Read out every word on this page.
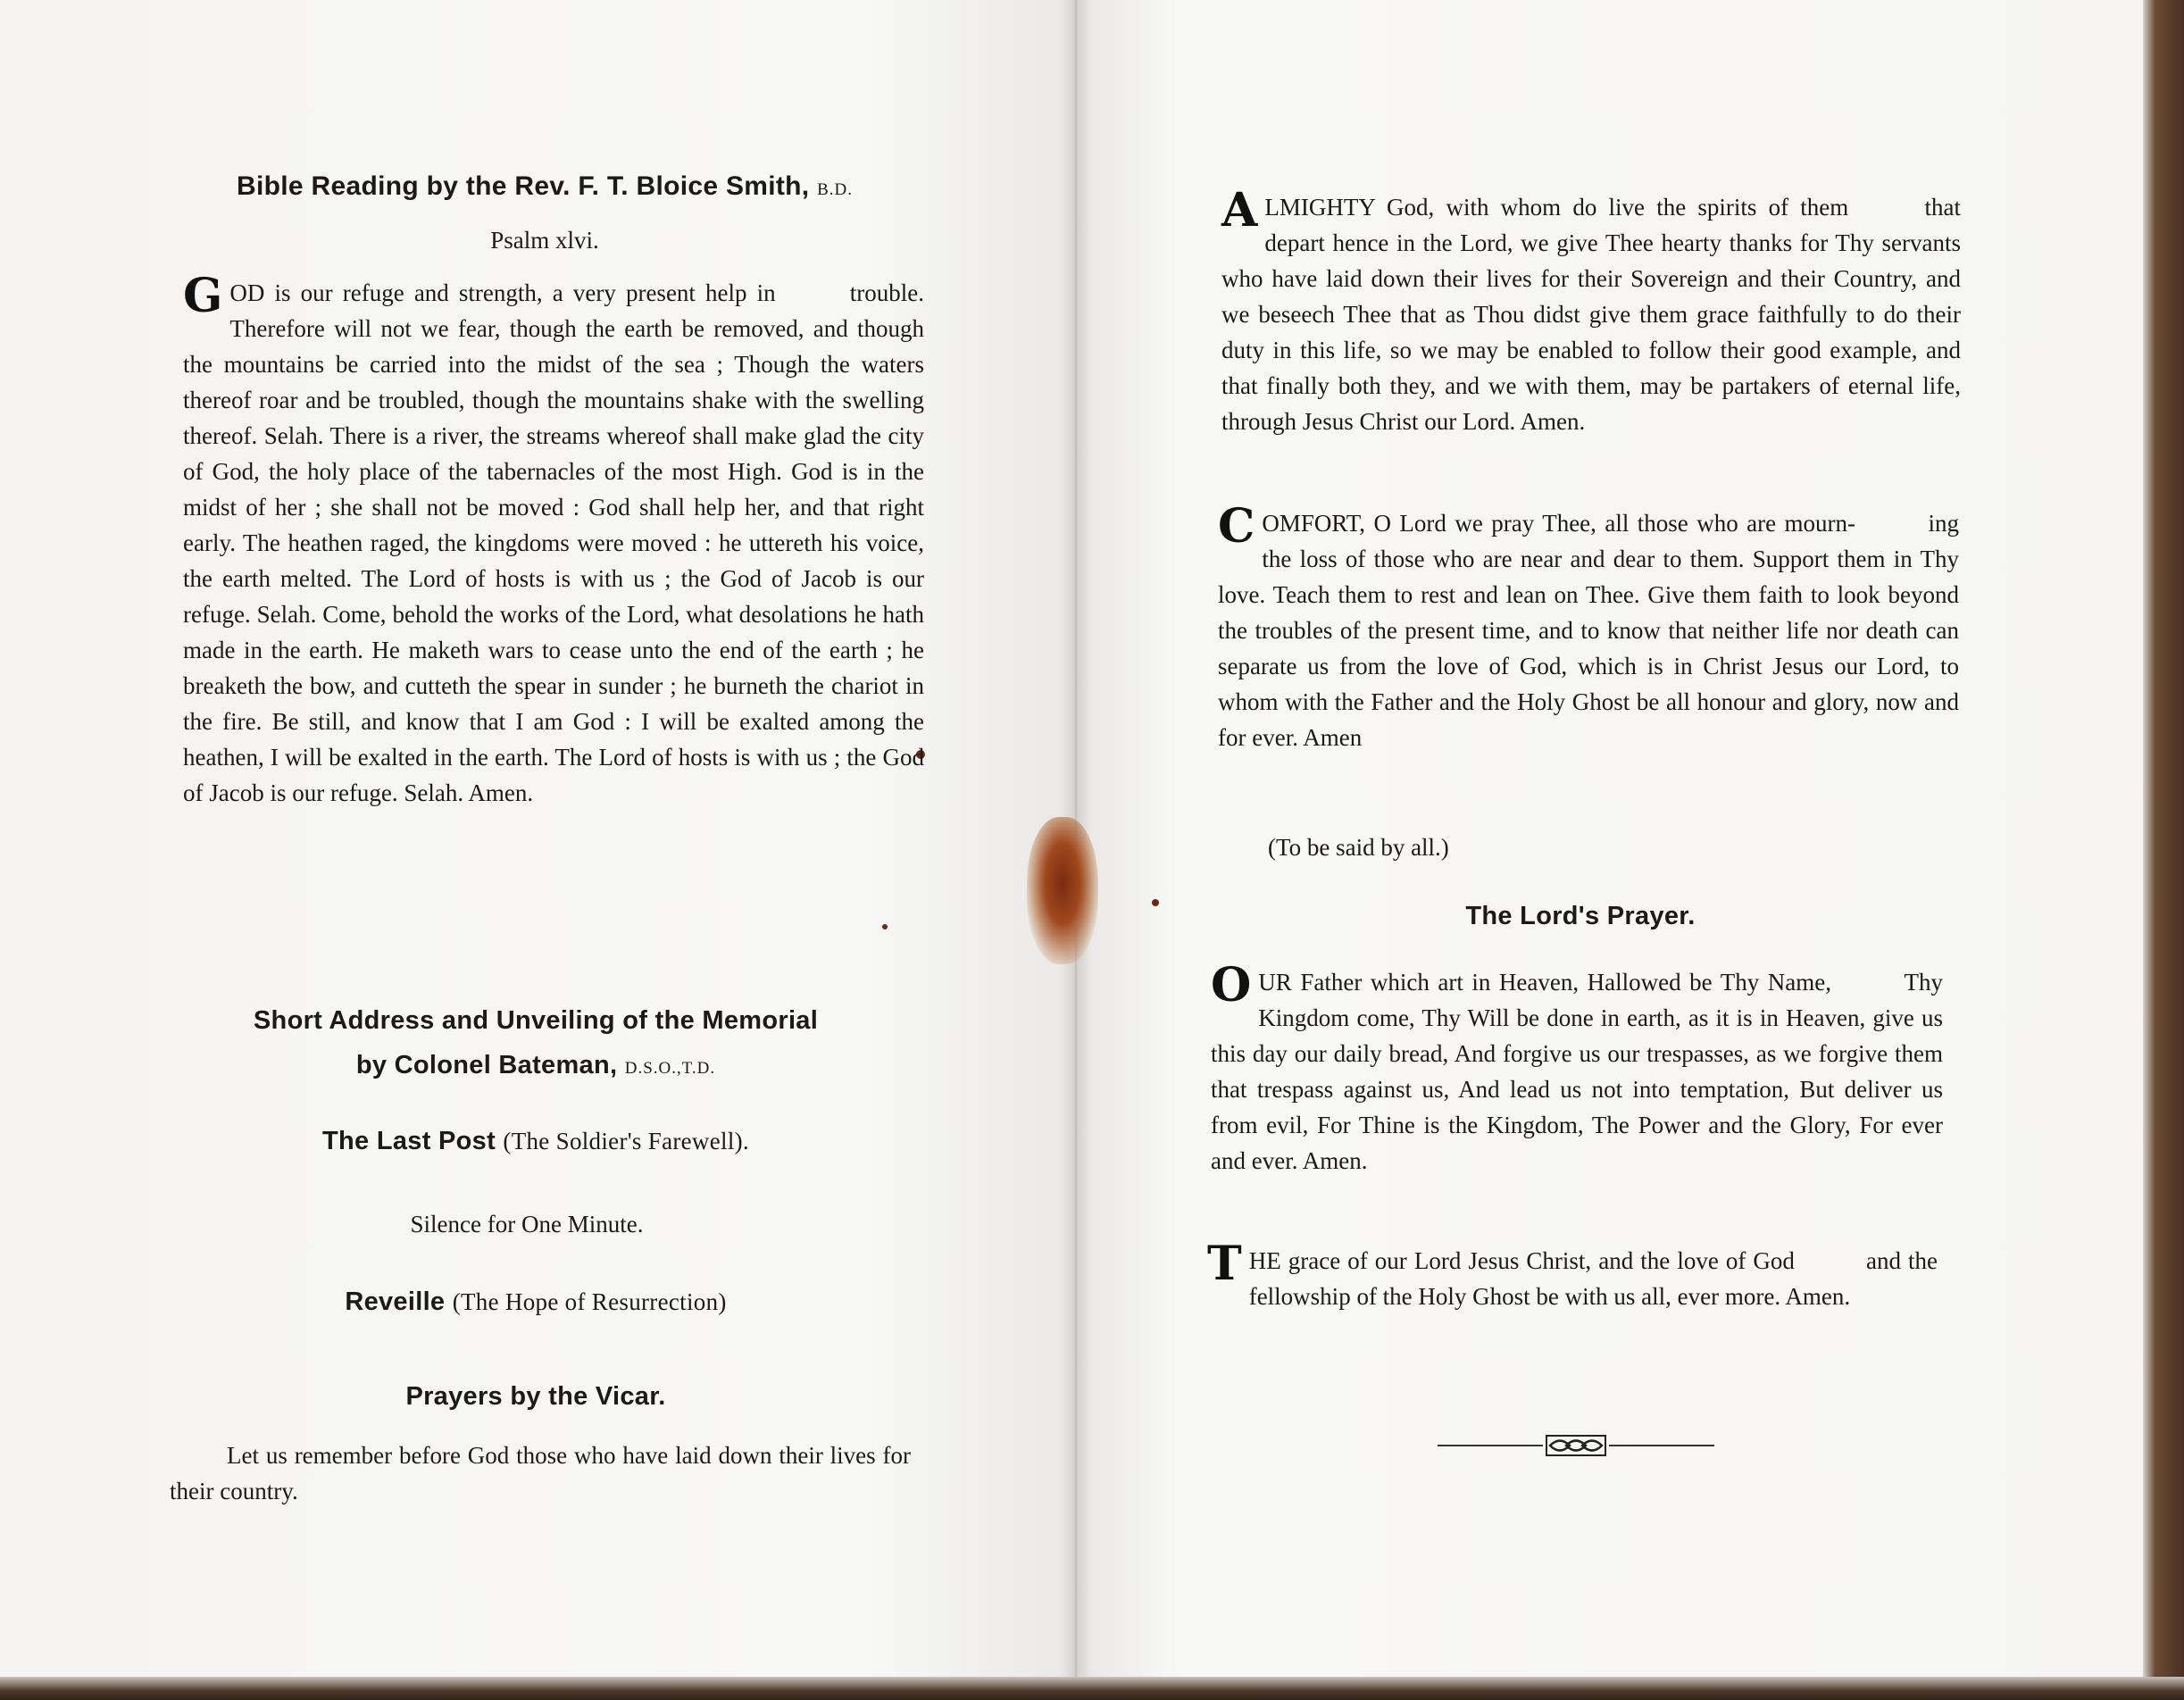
Bible Reading by the Rev. F. T. Bloice Smith, B.D.
Psalm xlvi.
G OD is our refuge and strength, a very present help in	trouble. Therefore will not we fear, though the earth be removed, and though the mountains be carried into the midst of the sea ; Though the waters thereof roar and be troubled, though the mountains shake with the swelling thereof. Selah. There is a river, the streams whereof shall make glad the city of God, the holy place of the tabernacles of the most High. God is in the midst of her ; she shall not be moved : God shall help her, and that right early. The heathen raged, the kingdoms were moved : he uttereth his voice, the earth melted. The Lord of hosts is with us ; the God of Jacob is our refuge. Selah. Come, behold the works of the Lord, what desolations he hath made in the earth. He maketh wars to cease unto the end of the earth ; he breaketh the bow, and cutteth the spear in sunder ; he burneth the chariot in the fire. Be still, and know that I am God : I will be exalted among the heathen, I will be exalted in the earth. The Lord of hosts is with us ; the God of Jacob is our refuge. Selah. Amen.
Short Address and Unveiling of the Memorial
by Colonel Bateman, D.S.O.,T.D.
The Last Post (The Soldier's Farewell).
Silence for One Minute.
Reveille (The Hope of Resurrection)
Prayers by the Vicar.
Let us remember before God those who have laid down their lives for their country.
A LMIGHTY God, with whom do live the spirits of them	that depart hence in the Lord, we give Thee hearty thanks for Thy servants who have laid down their lives for their Sovereign and their Country, and we beseech Thee that as Thou didst give them grace faithfully to do their duty in this life, so we may be enabled to follow their good example, and that finally both they, and we with them, may be partakers of eternal life, through Jesus Christ our Lord. Amen.
C OMFORT, O Lord we pray Thee, all those who are mourn-	ing the loss of those who are near and dear to them. Support them in Thy love. Teach them to rest and lean on Thee. Give them faith to look beyond the troubles of the present time, and to know that neither life nor death can separate us from the love of God, which is in Christ Jesus our Lord, to whom with the Father and the Holy Ghost be all honour and glory, now and for ever. Amen
(To be said by all.)
The Lord's Prayer.
O UR Father which art in Heaven, Hallowed be Thy Name,	Thy Kingdom come, Thy Will be done in earth, as it is in Heaven, give us this day our daily bread, And forgive us our trespasses, as we forgive them that trespass against us, And lead us not into temptation, But deliver us from evil, For Thine is the Kingdom, The Power and the Glory, For ever and ever. Amen.
T HE grace of our Lord Jesus Christ, and the love of God	and the fellowship of the Holy Ghost be with us all, ever more. Amen.
